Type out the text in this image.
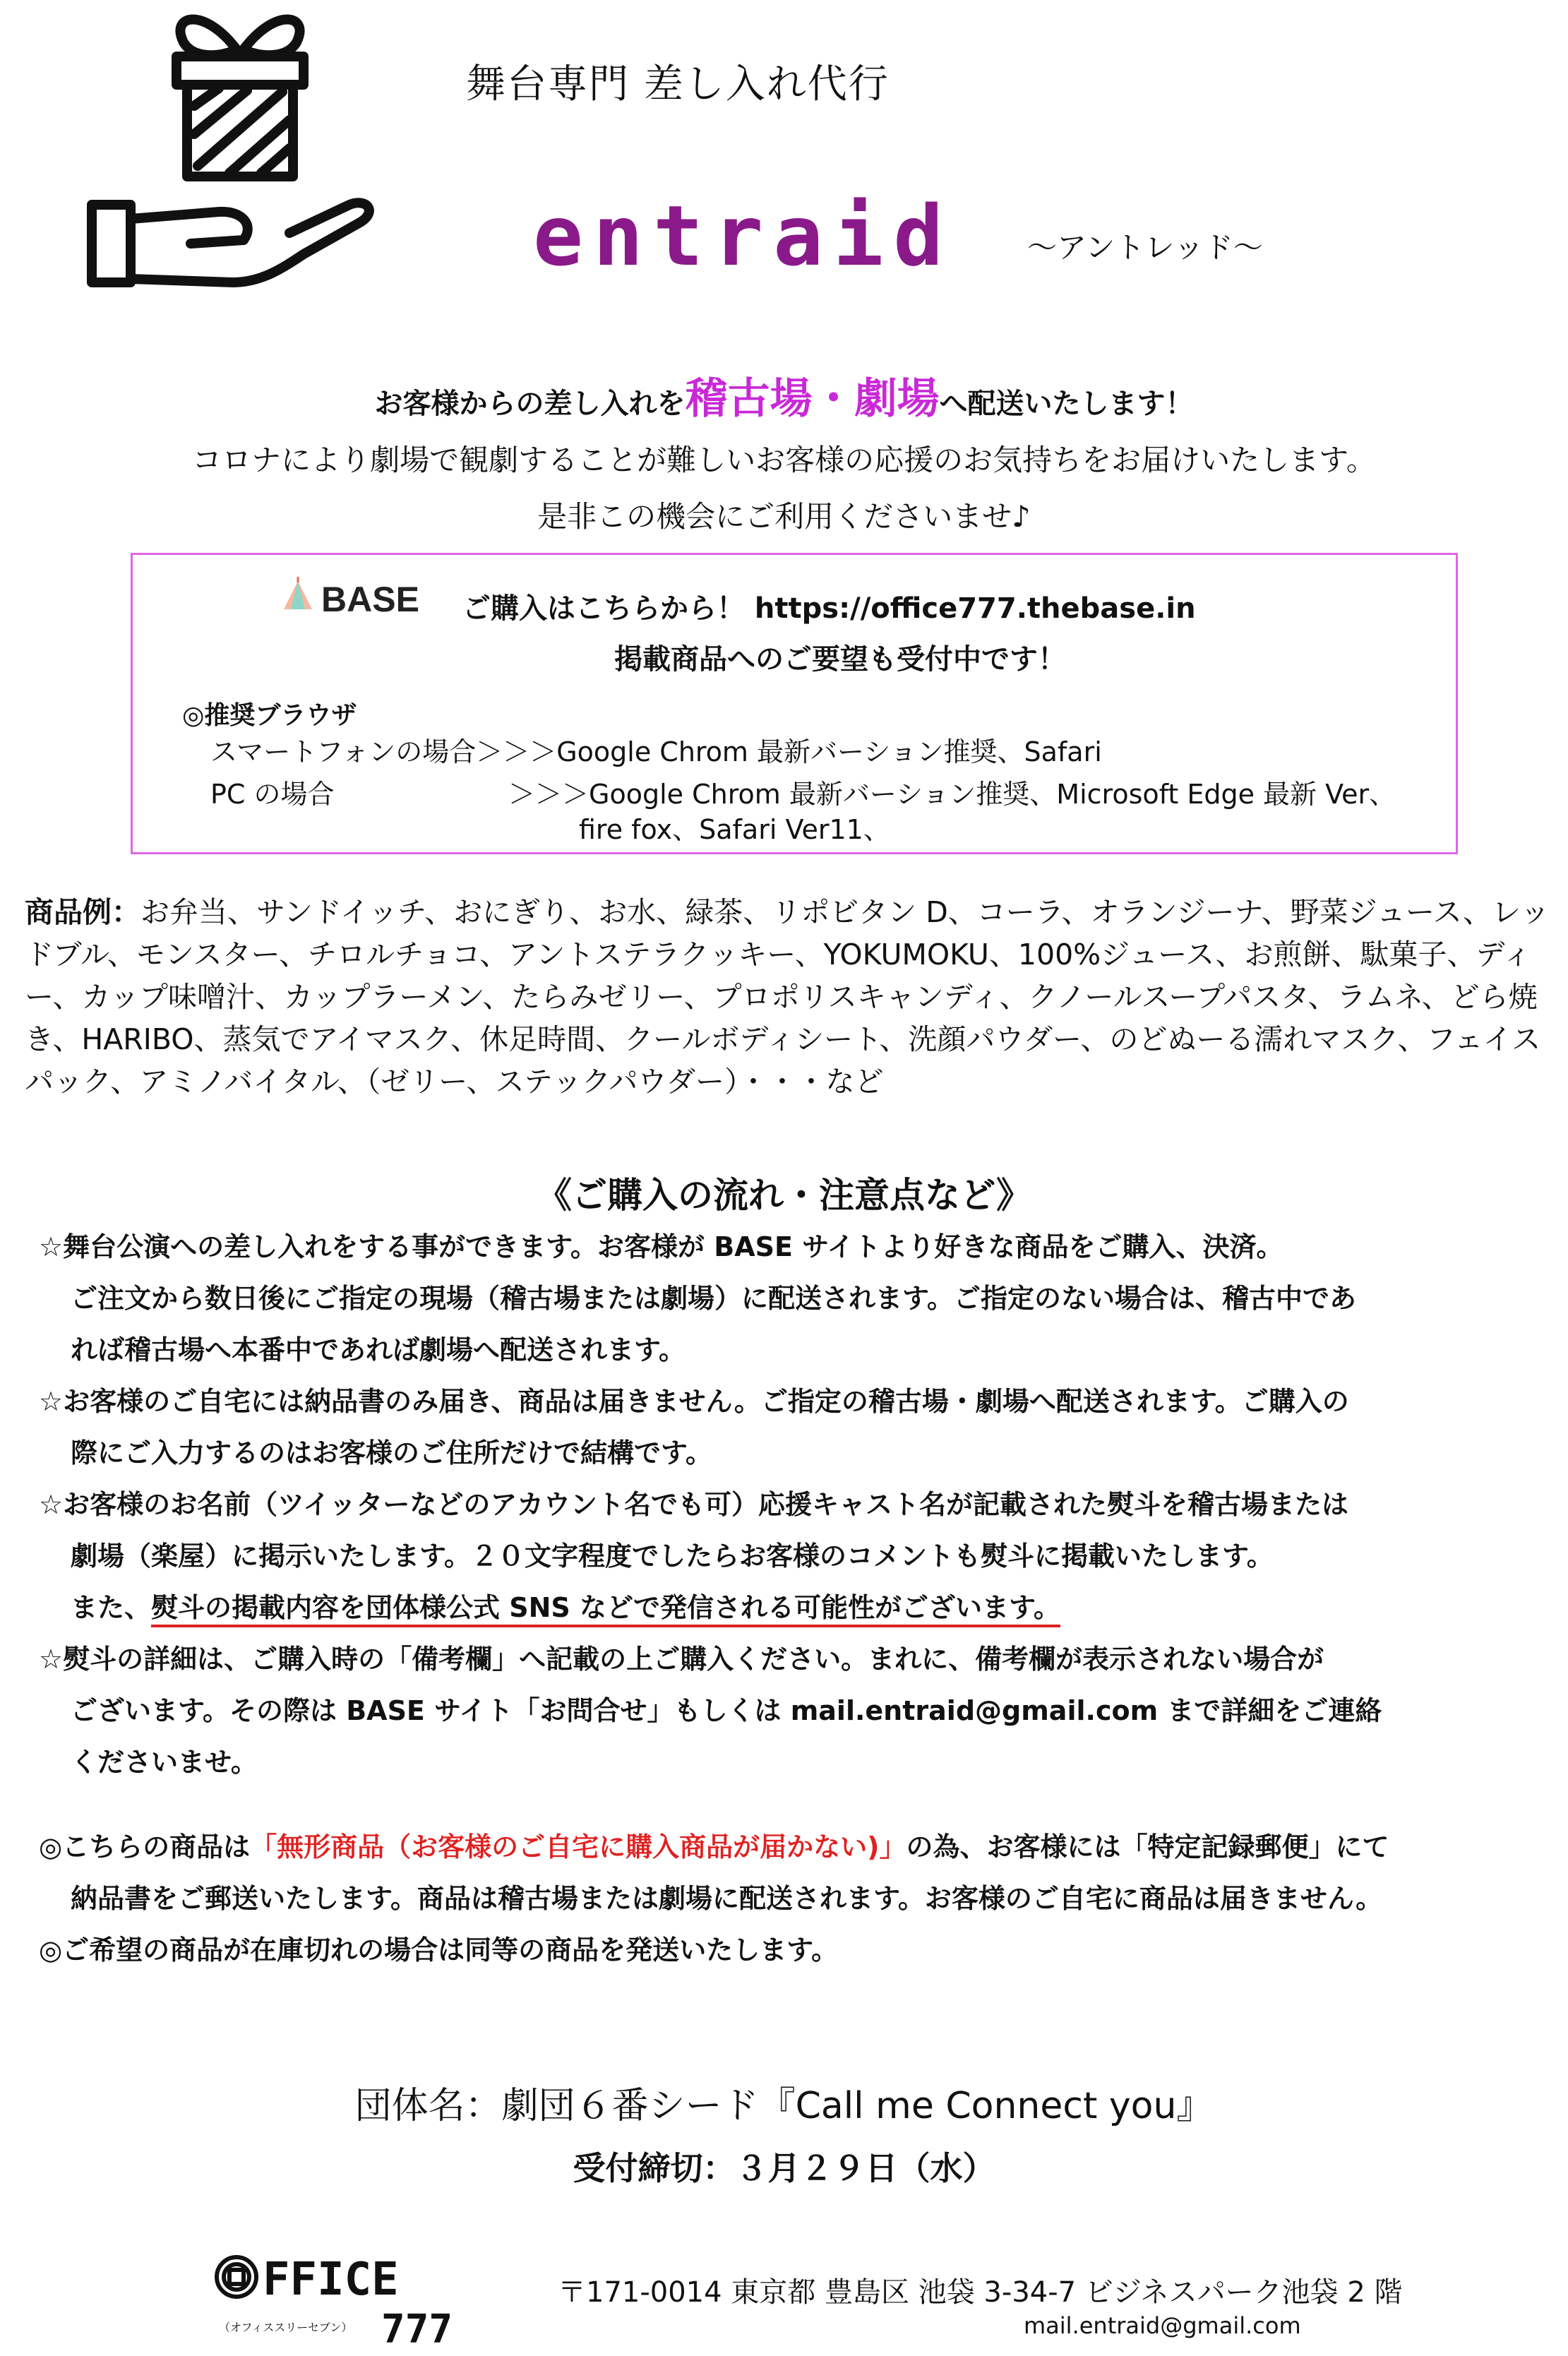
舞台専門 差し入れ代行
entraid 〜アントレッド〜
お客様からの差し入れを稽古場・劇場へ配送いたします！
コロナにより劇場で観劇することが難しいお客様の応援のお気持ちをお届けいたします。
是非この機会にご利用くださいませ♪
BASE ご購入はこちらから！ https://office777.thebase.in
掲載商品へのご要望も受付中です！
◎推奨ブラウザ
スマートフォンの場合＞＞＞Google Chrom 最新バーション推奨、Safari
PC の場合	＞＞＞Google Chrom 最新バーション推奨、Microsoft Edge 最新 Ver、
fire fox、Safari Ver11、
商品例：お弁当、サンドイッチ、おにぎり、お水、緑茶、リポビタン D、コーラ、オランジーナ、野菜ジュース、レッドブル、モンスター、チロルチョコ、アントステラクッキー、YOKUMOKU、100%ジュース、お煎餅、駄菓子、ディー、カップ味噌汁、カップラーメン、たらみゼリー、プロポリスキャンディ、クノールスープパスタ、ラムネ、どら焼き、HARIBO、蒸気でアイマスク、休足時間、クールボディシート、洗顔パウダー、のどぬーる濡れマスク、フェイスパック、アミノバイタル、（ゼリー、ステックパウダー）・・・など
《ご購入の流れ・注意点など》
☆舞台公演への差し入れをする事ができます。お客様が BASE サイトより好きな商品をご購入、決済。
ご注文から数日後にご指定の現場（稽古場または劇場）に配送されます。ご指定のない場合は、稽古中であ
れば稽古場へ本番中であれば劇場へ配送されます。
☆お客様のご自宅には納品書のみ届き、商品は届きません。ご指定の稽古場・劇場へ配送されます。ご購入の
際にご入力するのはお客様のご住所だけで結構です。
☆お客様のお名前（ツイッターなどのアカウント名でも可）応援キャスト名が記載された熨斗を稽古場または
劇場（楽屋）に掲示いたします。２０文字程度でしたらお客様のコメントも熨斗に掲載いたします。
また、熨斗の掲載内容を団体様公式 SNS などで発信される可能性がございます。
☆熨斗の詳細は、ご購入時の「備考欄」へ記載の上ご購入ください。まれに、備考欄が表示されない場合が
ございます。その際は BASE サイト「お問合せ」もしくは mail.entraid@gmail.com まで詳細をご連絡
くださいませ。
◎こちらの商品は「無形商品（お客様のご自宅に購入商品が届かない)」の為、お客様には「特定記録郵便」にて
納品書をご郵送いたします。商品は稽古場または劇場に配送されます。お客様のご自宅に商品は届きません。
◎ご希望の商品が在庫切れの場合は同等の商品を発送いたします。
団体名：劇団６番シード『Call me Connect you』
受付締切：３月２９日（水）
FFICE
777
（オフィススリーセブン）
〒171-0014 東京都 豊島区 池袋 3-34-7 ビジネスパーク池袋 2 階
mail.entraid@gmail.com
